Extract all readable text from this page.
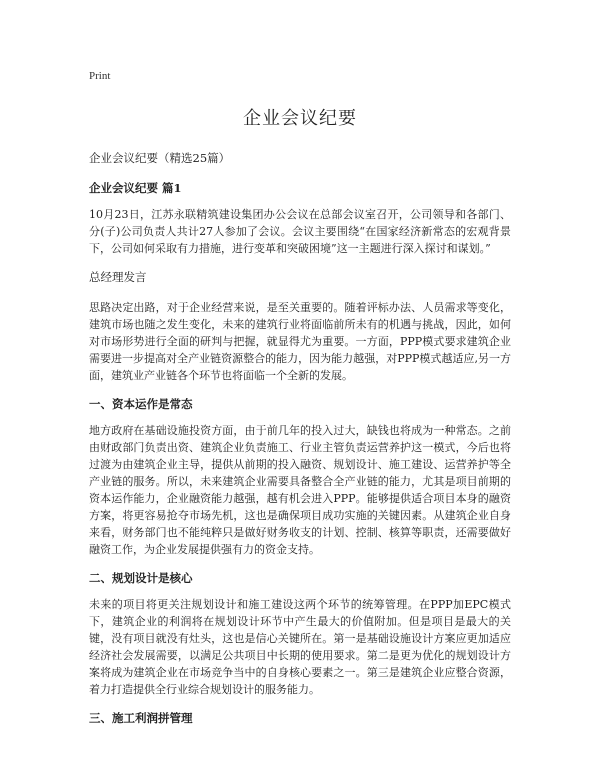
Print
企业会议纪要

企业会议纪要（精选25篇）

企业会议纪要 篇1

10月23日，江苏永联精筑建设集团办公会议在总部会议室召开，公司领导和各部门、分(子)公司负责人共计27人参加了会议。会议主要围绕“在国家经济新常态的宏观背景下，公司如何采取有力措施，进行变革和突破困境”这一主题进行深入探讨和谋划。”

总经理发言

思路决定出路，对于企业经营来说，是至关重要的。随着评标办法、人员需求等变化，建筑市场也随之发生变化，未来的建筑行业将面临前所未有的机遇与挑战，因此，如何对市场形势进行全面的研判与把握，就显得尤为重要。一方面，PPP模式要求建筑企业需要进一步提高对全产业链资源整合的能力，因为能力越强，对PPP模式越适应,另一方面，建筑业产业链各个环节也将面临一个全新的发展。

一、资本运作是常态

地方政府在基础设施投资方面，由于前几年的投入过大，缺钱也将成为一种常态。之前由财政部门负责出资、建筑企业负责施工、行业主管负责运营养护这一模式，今后也将过渡为由建筑企业主导，提供从前期的投入融资、规划设计、施工建设、运营养护等全产业链的服务。所以，未来建筑企业需要具备整合全产业链的能力，尤其是项目前期的资本运作能力，企业融资能力越强，越有机会进入PPP。能够提供适合项目本身的融资方案，将更容易抢夺市场先机，这也是确保项目成功实施的关键因素。从建筑企业自身来看，财务部门也不能纯粹只是做好财务收支的计划、控制、核算等职责，还需要做好融资工作，为企业发展提供强有力的资金支持。

二、规划设计是核心

未来的项目将更关注规划设计和施工建设这两个环节的统筹管理。在PPP加EPC模式下，建筑企业的利润将在规划设计环节中产生最大的价值附加。但是项目是最大的关键，没有项目就没有灶头，这也是信心关键所在。第一是基础设施设计方案应更加适应经济社会发展需要，以满足公共项目中长期的使用要求。第二是更为优化的规划设计方案将成为建筑企业在市场竞争当中的自身核心要素之一。第三是建筑企业应整合资源，着力打造提供全行业综合规划设计的服务能力。

三、施工利润拼管理
